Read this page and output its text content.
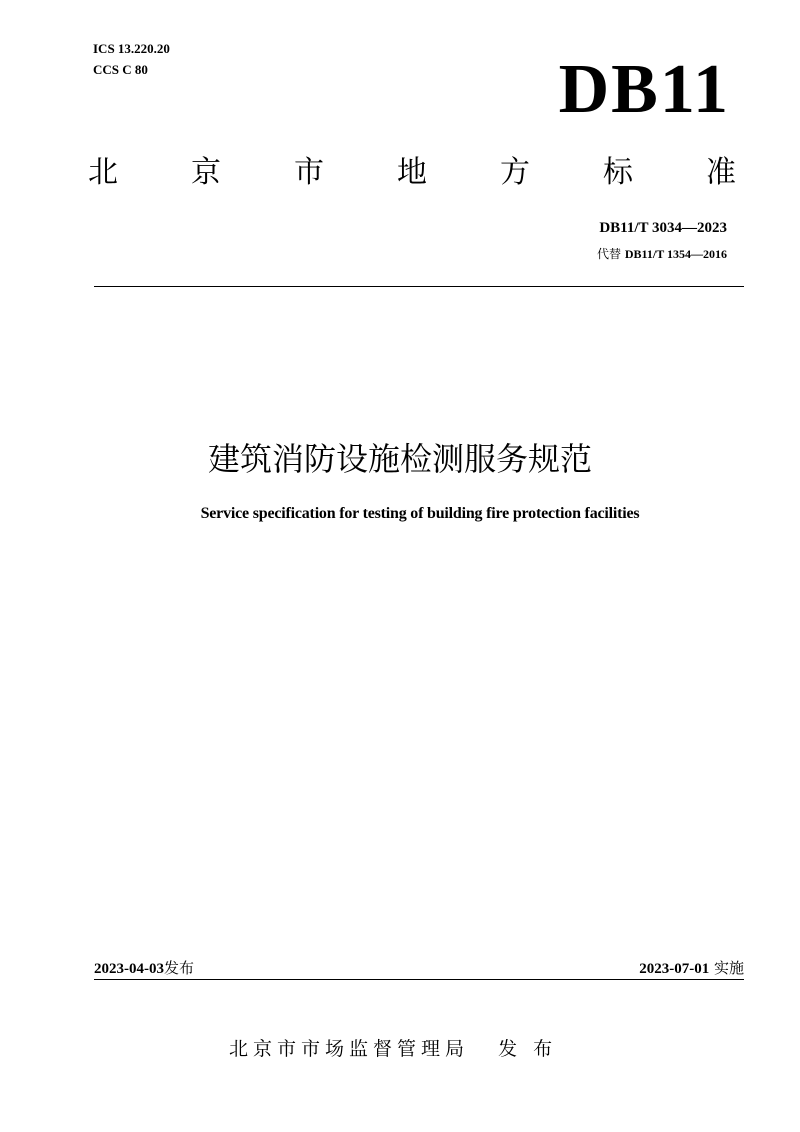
ICS 13.220.20
CCS C 80	DB11
北 京 市 地 方 标 准
DB11/T 3034—2023
代替 DB11/T 1354—2016
建筑消防设施检测服务规范
Service specification for testing of building fire protection facilities
2023-04-03发布	2023-07-01 实施
北京市市场监督管理局 发 布
